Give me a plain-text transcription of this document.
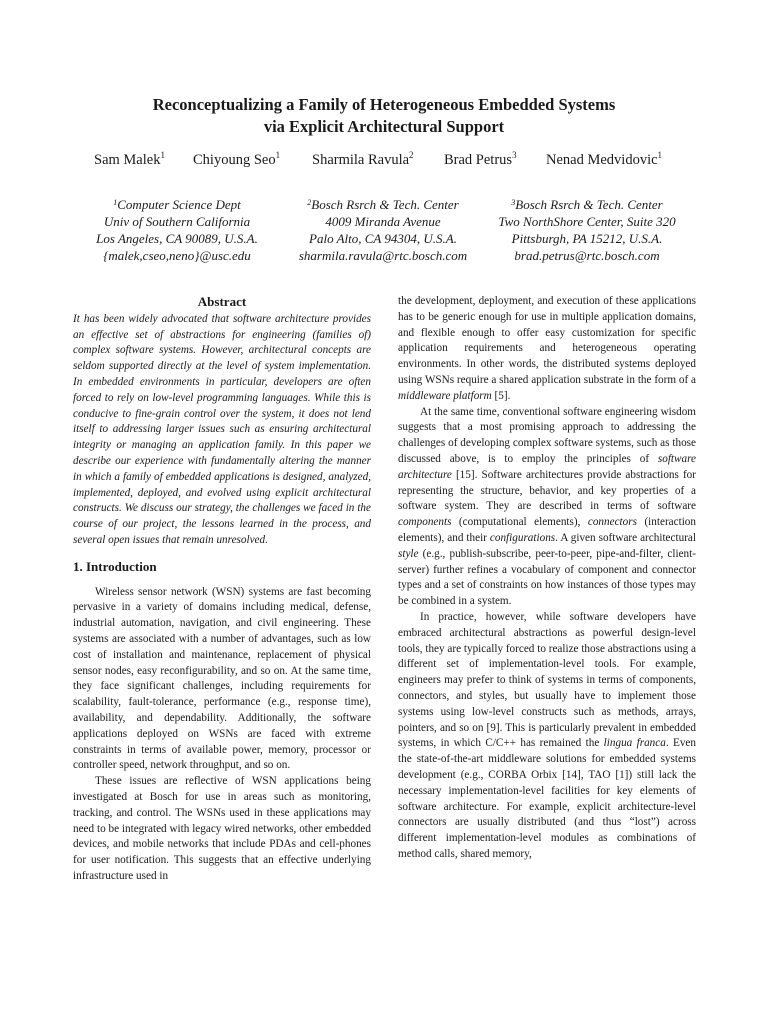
Reconceptualizing a Family of Heterogeneous Embedded Systems
via Explicit Architectural Support
Sam Malek$^1$ Chiyoung Seo$^1$ Sharmila Ravula$^2$ Brad Petrus$^3$ Nenad Medvidovic$^1$
$^1$Computer Science Dept
Univ of Southern California
Los Angeles, CA 90089, U.S.A.
{malek,cseo,neno}@usc.edu
$^2$Bosch Rsrch & Tech. Center
4009 Miranda Avenue
Palo Alto, CA 94304, U.S.A.
sharmila.ravula@rtc.bosch.com
$^3$Bosch Rsrch & Tech. Center
Two NorthShore Center, Suite 320
Pittsburgh, PA 15212, U.S.A.
brad.petrus@rtc.bosch.com
Abstract

It has been widely advocated that software architecture provides an effective set of abstractions for engineering (families of) complex software systems. However, architectural concepts are seldom supported directly at the level of system implementation. In embedded environments in particular, developers are often forced to rely on low-level programming languages. While this is conducive to fine-grain control over the system, it does not lend itself to addressing larger issues such as ensuring architectural integrity or managing an application family. In this paper we describe our experience with fundamentally altering the manner in which a family of embedded applications is designed, analyzed, implemented, deployed, and evolved using explicit architectural constructs. We discuss our strategy, the challenges we faced in the course of our project, the lessons learned in the process, and several open issues that remain unresolved.

1. Introduction

Wireless sensor network (WSN) systems are fast becoming pervasive in a variety of domains including medical, defense, industrial automation, navigation, and civil engineering. These systems are associated with a number of advantages, such as low cost of installation and maintenance, replacement of physical sensor nodes, easy reconfigurability, and so on. At the same time, they face significant challenges, including requirements for scalability, fault-tolerance, performance (e.g., response time), availability, and dependability. Additionally, the software applications deployed on WSNs are faced with extreme constraints in terms of available power, memory, processor or controller speed, network throughput, and so on.

These issues are reflective of WSN applications being investigated at Bosch for use in areas such as monitoring, tracking, and control. The WSNs used in these applications may need to be integrated with legacy wired networks, other embedded devices, and mobile networks that include PDAs and cell-phones for user notification. This suggests that an effective underlying infrastructure used in

the development, deployment, and execution of these applications has to be generic enough for use in multiple application domains, and flexible enough to offer easy customization for specific application requirements and heterogeneous operating environments. In other words, the distributed systems deployed using WSNs require a shared application substrate in the form of a middleware platform [5].

At the same time, conventional software engineering wisdom suggests that a most promising approach to addressing the challenges of developing complex software systems, such as those discussed above, is to employ the principles of software architecture [15]. Software architectures provide abstractions for representing the structure, behavior, and key properties of a software system. They are described in terms of software components (computational elements), connectors (interaction elements), and their configurations. A given software architectural style (e.g., publish-subscribe, peer-to-peer, pipe-and-filter, client-server) further refines a vocabulary of component and connector types and a set of constraints on how instances of those types may be combined in a system.

In practice, however, while software developers have embraced architectural abstractions as powerful design-level tools, they are typically forced to realize those abstractions using a different set of implementation-level tools. For example, engineers may prefer to think of systems in terms of components, connectors, and styles, but usually have to implement those systems using low-level constructs such as methods, arrays, pointers, and so on [9]. This is particularly prevalent in embedded systems, in which C/C++ has remained the lingua franca. Even the state-of-the-art middleware solutions for embedded systems development (e.g., CORBA Orbix [14], TAO [1]) still lack the necessary implementation-level facilities for key elements of software architecture. For example, explicit architecture-level connectors are usually distributed (and thus “lost”) across different implementation-level modules as combinations of method calls, shared memory,
